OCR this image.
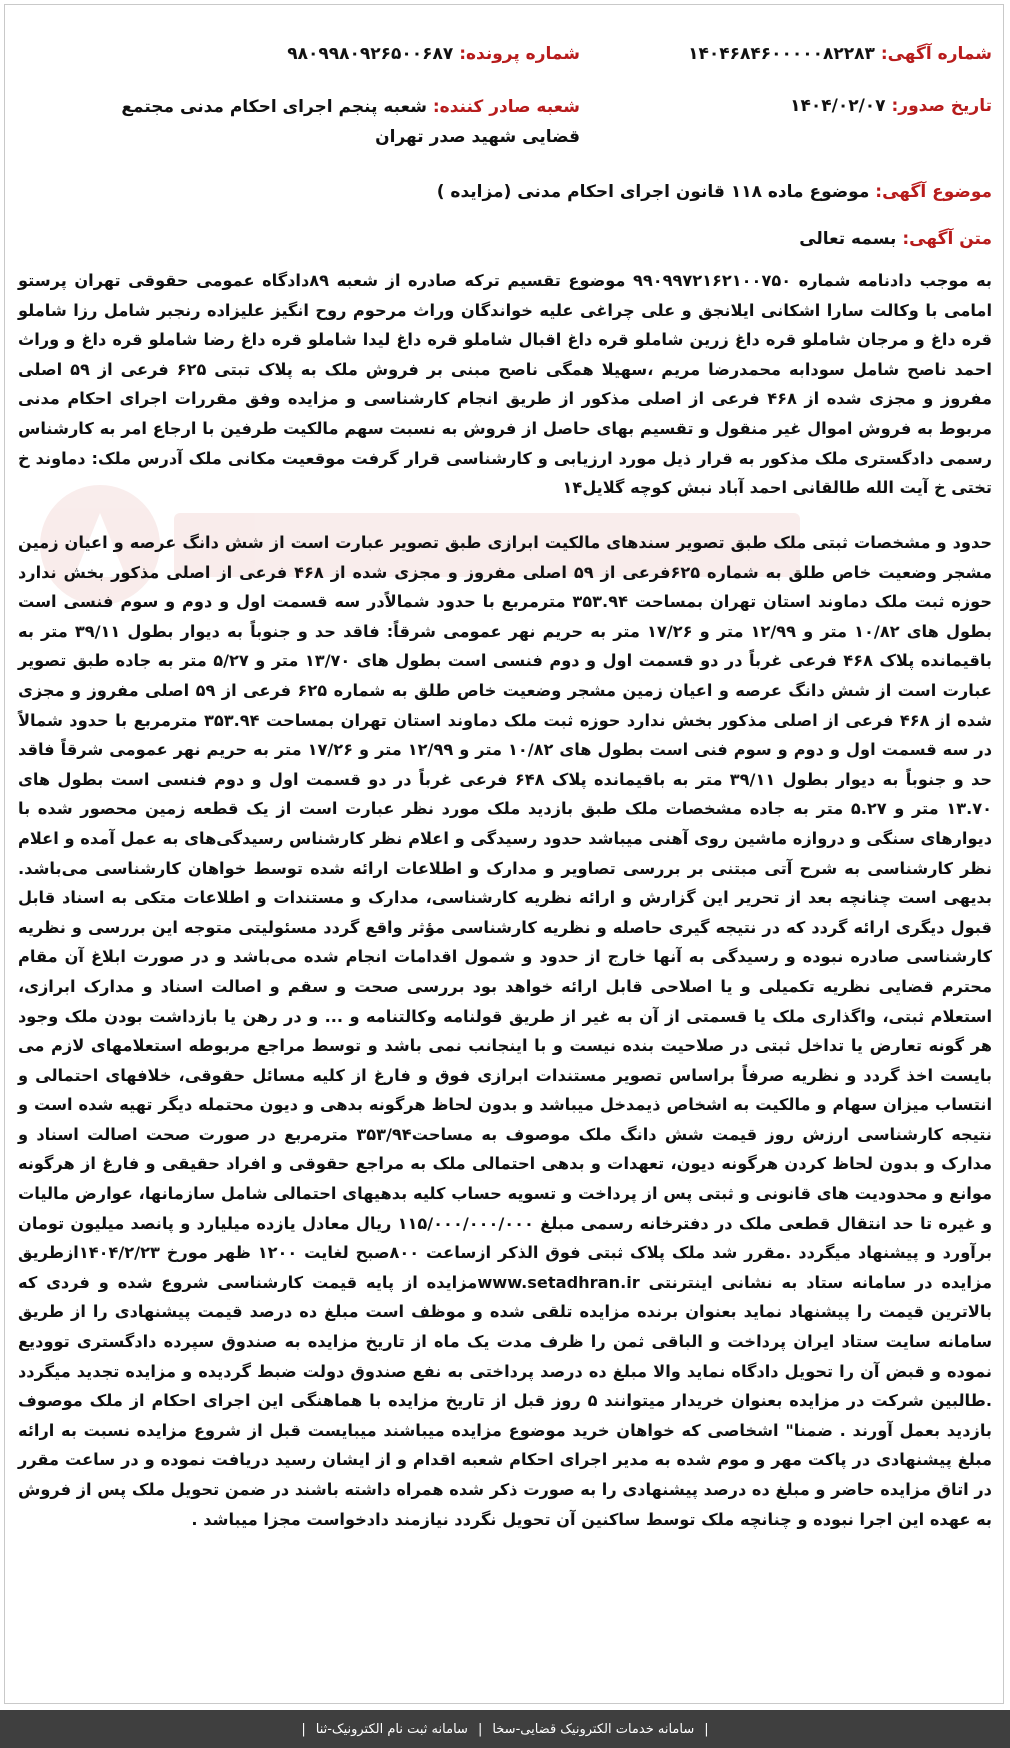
شماره آگهی: ۱۴۰۴۶۸۴۶۰۰۰۰۰۸۲۲۸۳
شماره پرونده: ۹۸۰۹۹۸۰۹۲۶۵۰۰۶۸۷
تاریخ صدور: ۱۴۰۴/۰۲/۰۷
شعبه صادر کننده: شعبه پنجم اجرای احکام مدنی مجتمع قضایی شهید صدر تهران
موضوع آگهی: موضوع ماده ۱۱۸ قانون اجرای احکام مدنی (مزایده )
متن آگهی: بسمه تعالی

به موجب دادنامه شماره ۹۹۰۹۹۷۲۱۶۲۱۰۰۷۵۰ موضوع تقسیم ترکه صادره از شعبه ۸۹دادگاه عمومی حقوقی تهران پرستو امامی با وکالت سارا اشکانی ایلانجق و علی چراغی علیه خواندگان وراث مرحوم روح انگیز علیزاده رنجبر شامل رزا شاملو قره داغ و مرجان شاملو قره داغ زرین شاملو قره داغ اقبال شاملو قره داغ لیدا شاملو قره داغ رضا شاملو قره داغ و وراث احمد ناصح شامل سودابه محمدرضا مریم ،سهیلا همگی ناصح مبنی بر فروش ملک به پلاک تبتی ۶۲۵ فرعی از ۵۹ اصلی مفروز و مجزی شده از ۴۶۸ فرعی از اصلی مذکور از طریق انجام کارشناسی و مزایده وفق مقررات اجرای احکام مدنی مربوط به فروش اموال غیر منقول و تقسیم بهای حاصل از فروش به نسبت سهم مالکیت طرفین با ارجاع امر به کارشناس رسمی دادگستری ملک مذکور به قرار ذیل مورد ارزیابی و کارشناسی قرار گرفت موقعیت مکانی ملک آدرس ملک: دماوند خ تختی خ آیت الله طالقانی احمد آباد نبش کوچه گلایل۱۴

حدود و مشخصات ثبتی ملک طبق تصویر سندهای مالکیت ابرازی طبق تصویر عبارت است از شش دانگ عرصه و اعیان زمین مشجر وضعیت خاص طلق به شماره ۶۲۵فرعی از ۵۹ اصلی مفروز و مجزی شده از ۴۶۸ فرعی از اصلی مذکور بخش ندارد حوزه ثبت ملک دماوند استان تهران بمساحت ۳۵۳.۹۴ مترمربع با حدود شمالاًدر سه قسمت اول و دوم و سوم فنسی است بطول های ۱۰/۸۲ متر و ۱۲/۹۹ متر و ۱۷/۲۶ متر به حریم نهر عمومی شرقاً: فاقد حد و جنوباً به دیوار بطول ۳۹/۱۱ متر به باقیمانده پلاک ۴۶۸ فرعی غرباً در دو قسمت اول و دوم فنسی است بطول های ۱۳/۷۰ متر و ۵/۲۷ متر به جاده طبق تصویر عبارت است از شش دانگ عرصه و اعیان زمین مشجر وضعیت خاص طلق به شماره ۶۲۵ فرعی از ۵۹ اصلی مفروز و مجزی شده از ۴۶۸ فرعی از اصلی مذکور بخش ندارد حوزه ثبت ملک دماوند استان تهران بمساحت ۳۵۳.۹۴ مترمربع با حدود شمالاً در سه قسمت اول و دوم و سوم فنی است بطول های ۱۰/۸۲ متر و ۱۲/۹۹ متر و ۱۷/۲۶ متر به حریم نهر عمومی شرقاً فاقد حد و جنوباً به دیوار بطول ۳۹/۱۱ متر به باقیمانده پلاک ۶۴۸ فرعی غرباً در دو قسمت اول و دوم فنسی است بطول های ۱۳.۷۰ متر و ۵.۲۷ متر به جاده مشخصات ملک طبق بازدید ملک مورد نظر عبارت است از یک قطعه زمین محصور شده با دیوارهای سنگی و دروازه ماشین روی آهنی میباشد حدود رسیدگی و اعلام نظر کارشناس رسیدگی‌های به عمل آمده و اعلام نظر کارشناسی به شرح آتی مبتنی بر بررسی تصاویر و مدارک و اطلاعات ارائه شده توسط خواهان کارشناسی می‌باشد. بدیهی است چنانچه بعد از تحریر این گزارش و ارائه نظریه کارشناسی، مدارک و مستندات و اطلاعات متکی به اسناد قابل قبول دیگری ارائه گردد که در نتیجه گیری حاصله و نظریه کارشناسی مؤثر واقع گردد مسئولیتی متوجه این بررسی و نظریه کارشناسی صادره نبوده و رسیدگی به آنها خارج از حدود و شمول اقدامات انجام شده می‌باشد و در صورت ابلاغ آن مقام محترم قضایی نظریه تکمیلی و یا اصلاحی قابل ارائه خواهد بود بررسی صحت و سقم و اصالت اسناد و مدارک ابرازی، استعلام ثبتی، واگذاری ملک یا قسمتی از آن به غیر از طریق قولنامه وکالتنامه و ... و در رهن یا بازداشت بودن ملک وجود هر گونه تعارض یا تداخل ثبتی در صلاحیت بنده نیست و با اینجانب نمی باشد و توسط مراجع مربوطه استعلامهای لازم می بایست اخذ گردد و نظریه صرفاً براساس تصویر مستندات ابرازی فوق و فارغ از کلیه مسائل حقوقی، خلافهای احتمالی و انتساب میزان سهام و مالکیت به اشخاص ذیمدخل میباشد و بدون لحاظ هرگونه بدهی و دیون محتمله دیگر تهیه شده است و نتیجه کارشناسی ارزش روز قیمت شش دانگ ملک موصوف به مساحت۳۵۳/۹۴ مترمربع در صورت صحت اصالت اسناد و مدارک و بدون لحاظ کردن هرگونه دیون، تعهدات و بدهی احتمالی ملک به مراجع حقوقی و افراد حقیقی و فارغ از هرگونه موانع و محدودیت های قانونی و ثبتی پس از پرداخت و تسویه حساب کلیه بدهیهای احتمالی شامل سازمانها، عوارض مالیات و غیره تا حد انتقال قطعی ملک در دفترخانه رسمی مبلغ ۱۱۵/۰۰۰/۰۰۰/۰۰۰ ریال معادل یازده میلیارد و پانصد میلیون تومان برآورد و پیشنهاد میگردد .مقرر شد ملک پلاک ثبتی فوق الذکر ازساعت ۸۰۰صبح لغایت ۱۲۰۰ ظهر مورخ ۱۴۰۴/۲/۲۳ازطریق مزایده در سامانه ستاد به نشانی اینترنتی www.setadhran.irمزایده از پایه قیمت کارشناسی شروع شده و فردی که بالاترین قیمت را پیشنهاد نماید بعنوان برنده مزایده تلقی شده و موظف است مبلغ ده درصد قیمت پیشنهادی را از طریق سامانه سایت ستاد ایران پرداخت و الباقی ثمن را ظرف مدت یک ماه از تاریخ مزایده به صندوق سپرده دادگستری توودیع نموده و قبض آن را تحویل دادگاه نماید والا مبلغ ده درصد پرداختی به نفع صندوق دولت ضبط گردیده و مزایده تجدید میگردد .طالبین شرکت در مزایده بعنوان خریدار میتوانند ۵ روز قبل از تاریخ مزایده با هماهنگی این اجرای احکام از ملک موصوف بازدید بعمل آورند . ضمنا" اشخاصی که خواهان خرید موضوع مزایده میباشند میبایست قبل از شروع مزایده نسبت به ارائه مبلغ پیشنهادی در پاکت مهر و موم شده به مدیر اجرای احکام شعبه اقدام و از ایشان رسید دریافت نموده و در ساعت مقرر در اتاق مزایده حاضر و مبلغ ده درصد پیشنهادی را به صورت ذکر شده همراه داشته باشند در ضمن تحویل ملک پس از فروش به عهده این اجرا نبوده و چنانچه ملک توسط ساکنین آن تحویل نگردد نیازمند دادخواست مجزا میباشد .

|
سامانه خدمات الکترونیک قضایی-سخا
|
سامانه ثبت نام الکترونیک-ثنا
|
